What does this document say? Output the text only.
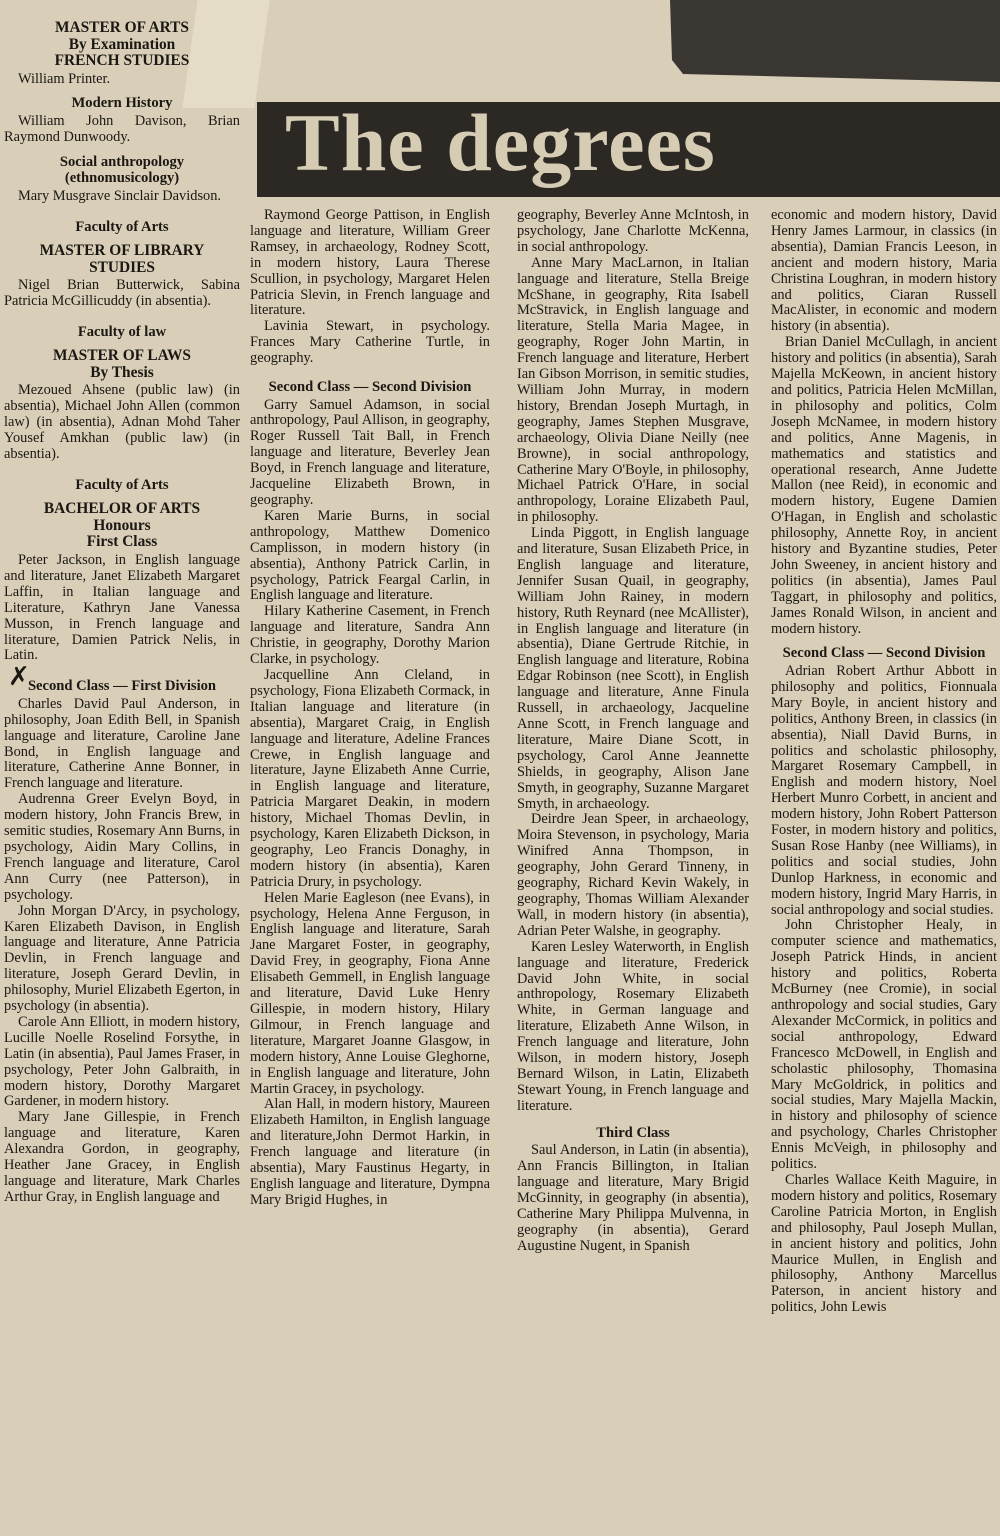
The degrees
✗
MASTER OF ARTS
By Examination
FRENCH STUDIES

William Printer.

Modern History

William John Davison, Brian Raymond Dunwoody.

Social anthropology
(ethnomusicology)

Mary Musgrave Sinclair Davidson.

Faculty of Arts
MASTER OF LIBRARY
STUDIES

Nigel Brian Butterwick, Sabina Patricia McGillicuddy (in absentia).

Faculty of law
MASTER OF LAWS
By Thesis

Mezoued Ahsene (public law) (in absentia), Michael John Allen (common law) (in absentia), Adnan Mohd Taher Yousef Amkhan (public law) (in absentia).

Faculty of Arts
BACHELOR OF ARTS
Honours
First Class

Peter Jackson, in English language and literature, Janet Elizabeth Margaret Laffin, in Italian language and Literature, Kathryn Jane Vanessa Musson, in French language and literature, Damien Patrick Nelis, in Latin.

Second Class — First Division

Charles David Paul Anderson, in philosophy, Joan Edith Bell, in Spanish language and literature, Caroline Jane Bond, in English language and literature, Catherine Anne Bonner, in French language and literature.

Audrenna Greer Evelyn Boyd, in modern history, John Francis Brew, in semitic studies, Rosemary Ann Burns, in psychology, Aidin Mary Collins, in French language and literature, Carol Ann Curry (nee Patterson), in psychology.

John Morgan D'Arcy, in psychology, Karen Elizabeth Davison, in English language and literature, Anne Patricia Devlin, in French language and literature, Joseph Gerard Devlin, in philosophy, Muriel Elizabeth Egerton, in psychology (in absentia).

Carole Ann Elliott, in modern history, Lucille Noelle Roselind Forsythe, in Latin (in absentia), Paul James Fraser, in psychology, Peter John Galbraith, in modern history, Dorothy Margaret Gardener, in modern history.

Mary Jane Gillespie, in French language and literature, Karen Alexandra Gordon, in geography, Heather Jane Gracey, in English language and literature, Mark Charles Arthur Gray, in English language and

Raymond George Pattison, in English language and literature, William Greer Ramsey, in archaeology, Rodney Scott, in modern history, Laura Therese Scullion, in psychology, Margaret Helen Patricia Slevin, in French language and literature.

Lavinia Stewart, in psychology. Frances Mary Catherine Turtle, in geography.

Second Class — Second Division

Garry Samuel Adamson, in social anthropology, Paul Allison, in geography, Roger Russell Tait Ball, in French language and literature, Beverley Jean Boyd, in French language and literature, Jacqueline Elizabeth Brown, in geography.

Karen Marie Burns, in social anthropology, Matthew Domenico Camplisson, in modern history (in absentia), Anthony Patrick Carlin, in psychology, Patrick Feargal Carlin, in English language and literature.

Hilary Katherine Casement, in French language and literature, Sandra Ann Christie, in geography, Dorothy Marion Clarke, in psychology.

Jacquelline Ann Cleland, in psychology, Fiona Elizabeth Cormack, in Italian language and literature (in absentia), Margaret Craig, in English language and literature, Adeline Frances Crewe, in English language and literature, Jayne Elizabeth Anne Currie, in English language and literature, Patricia Margaret Deakin, in modern history, Michael Thomas Devlin, in psychology, Karen Elizabeth Dickson, in geography, Leo Francis Donaghy, in modern history (in absentia), Karen Patricia Drury, in psychology.

Helen Marie Eagleson (nee Evans), in psychology, Helena Anne Ferguson, in English language and literature, Sarah Jane Margaret Foster, in geography, David Frey, in geography, Fiona Anne Elisabeth Gemmell, in English language and literature, David Luke Henry Gillespie, in modern history, Hilary Gilmour, in French language and literature, Margaret Joanne Glasgow, in modern history, Anne Louise Gleghorne, in English language and literature, John Martin Gracey, in psychology.

Alan Hall, in modern history, Maureen Elizabeth Hamilton, in English language and literature,John Dermot Harkin, in French language and literature (in absentia), Mary Faustinus Hegarty, in English language and literature, Dympna Mary Brigid Hughes, in

geography, Beverley Anne McIntosh, in psychology, Jane Charlotte McKenna, in social anthropology.

Anne Mary MacLarnon, in Italian language and literature, Stella Breige McShane, in geography, Rita Isabell McStravick, in English language and literature, Stella Maria Magee, in geography, Roger John Martin, in French language and literature, Herbert Ian Gibson Morrison, in semitic studies, William John Murray, in modern history, Brendan Joseph Murtagh, in geography, James Stephen Musgrave, archaeology, Olivia Diane Neilly (nee Browne), in social anthropology, Catherine Mary O'Boyle, in philosophy, Michael Patrick O'Hare, in social anthropology, Loraine Elizabeth Paul, in philosophy.

Linda Piggott, in English language and literature, Susan Elizabeth Price, in English language and literature, Jennifer Susan Quail, in geography, William John Rainey, in modern history, Ruth Reynard (nee McAllister), in English language and literature (in absentia), Diane Gertrude Ritchie, in English language and literature, Robina Edgar Robinson (nee Scott), in English language and literature, Anne Finula Russell, in archaeology, Jacqueline Anne Scott, in French language and literature, Maire Diane Scott, in psychology, Carol Anne Jeannette Shields, in geography, Alison Jane Smyth, in geography, Suzanne Margaret Smyth, in archaeology.

Deirdre Jean Speer, in archaeology, Moira Stevenson, in psychology, Maria Winifred Anna Thompson, in geography, John Gerard Tinneny, in geography, Richard Kevin Wakely, in geography, Thomas William Alexander Wall, in modern history (in absentia), Adrian Peter Walshe, in geography.

Karen Lesley Waterworth, in English language and literature, Frederick David John White, in social anthropology, Rosemary Elizabeth White, in German language and literature, Elizabeth Anne Wilson, in French language and literature, John Wilson, in modern history, Joseph Bernard Wilson, in Latin, Elizabeth Stewart Young, in French language and literature.

Third Class

Saul Anderson, in Latin (in absentia), Ann Francis Billington, in Italian language and literature, Mary Brigid McGinnity, in geography (in absentia), Catherine Mary Philippa Mulvenna, in geography (in absentia), Gerard Augustine Nugent, in Spanish

economic and modern history, David Henry James Larmour, in classics (in absentia), Damian Francis Leeson, in ancient and modern history, Maria Christina Loughran, in modern history and politics, Ciaran Russell MacAlister, in economic and modern history (in absentia).

Brian Daniel McCullagh, in ancient history and politics (in absentia), Sarah Majella McKeown, in ancient history and politics, Patricia Helen McMillan, in philosophy and politics, Colm Joseph McNamee, in modern history and politics, Anne Magenis, in mathematics and statistics and operational research, Anne Judette Mallon (nee Reid), in economic and modern history, Eugene Damien O'Hagan, in English and scholastic philosophy, Annette Roy, in ancient history and Byzantine studies, Peter John Sweeney, in ancient history and politics (in absentia), James Paul Taggart, in philosophy and politics, James Ronald Wilson, in ancient and modern history.

Second Class — Second Division

Adrian Robert Arthur Abbott in philosophy and politics, Fionnuala Mary Boyle, in ancient history and politics, Anthony Breen, in classics (in absentia), Niall David Burns, in politics and scholastic philosophy, Margaret Rosemary Campbell, in English and modern history, Noel Herbert Munro Corbett, in ancient and modern history, John Robert Patterson Foster, in modern history and politics, Susan Rose Hanby (nee Williams), in politics and social studies, John Dunlop Harkness, in economic and modern history, Ingrid Mary Harris, in social anthropology and social studies.

John Christopher Healy, in computer science and mathematics, Joseph Patrick Hinds, in ancient history and politics, Roberta McBurney (nee Cromie), in social anthropology and social studies, Gary Alexander McCormick, in politics and social anthropology, Edward Francesco McDowell, in English and scholastic philosophy, Thomasina Mary McGoldrick, in politics and social studies, Mary Majella Mackin, in history and philosophy of science and psychology, Charles Christopher Ennis McVeigh, in philosophy and politics.

Charles Wallace Keith Maguire, in modern history and politics, Rosemary Caroline Patricia Morton, in English and philosophy, Paul Joseph Mullan, in ancient history and politics, John Maurice Mullen, in English and philosophy, Anthony Marcellus Paterson, in ancient history and politics, John Lewis
